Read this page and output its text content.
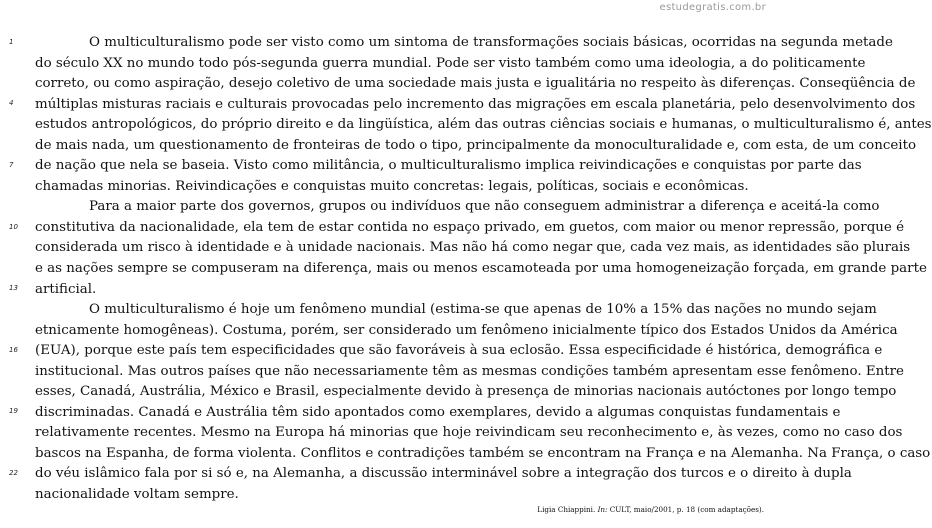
estudegratis.com.br
1
4
7
10
13
16
19
22
O multiculturalismo pode ser visto como um sintoma de transformações sociais básicas, ocorridas na segunda metade
do século XX no mundo todo pós-segunda guerra mundial. Pode ser visto também como uma ideologia, a do politicamente
correto, ou como aspiração, desejo coletivo de uma sociedade mais justa e igualitária no respeito às diferenças. Conseqüência de
múltiplas misturas raciais e culturais provocadas pelo incremento das migrações em escala planetária, pelo desenvolvimento dos
estudos antropológicos, do próprio direito e da lingüística, além das outras ciências sociais e humanas, o multiculturalismo é, antes
de mais nada, um questionamento de fronteiras de todo o tipo, principalmente da monoculturalidade e, com esta, de um conceito
de nação que nela se baseia. Visto como militância, o multiculturalismo implica reivindicações e conquistas por parte das
chamadas minorias. Reivindicações e conquistas muito concretas: legais, políticas, sociais e econômicas.
Para a maior parte dos governos, grupos ou indivíduos que não conseguem administrar a diferença e aceitá-la como
constitutiva da nacionalidade, ela tem de estar contida no espaço privado, em guetos, com maior ou menor repressão, porque é
considerada um risco à identidade e à unidade nacionais. Mas não há como negar que, cada vez mais, as identidades são plurais
e as nações sempre se compuseram na diferença, mais ou menos escamoteada por uma homogeneização forçada, em grande parte
artificial.
O multiculturalismo é hoje um fenômeno mundial (estima-se que apenas de 10% a 15% das nações no mundo sejam
etnicamente homogêneas). Costuma, porém, ser considerado um fenômeno inicialmente típico dos Estados Unidos da América
(EUA), porque este país tem especificidades que são favoráveis à sua eclosão. Essa especificidade é histórica, demográfica e
institucional. Mas outros países que não necessariamente têm as mesmas condições também apresentam esse fenômeno. Entre
esses, Canadá, Austrália, México e Brasil, especialmente devido à presença de minorias nacionais autóctones por longo tempo
discriminadas. Canadá e Austrália têm sido apontados como exemplares, devido a algumas conquistas fundamentais e
relativamente recentes. Mesmo na Europa há minorias que hoje reivindicam seu reconhecimento e, às vezes, como no caso dos
bascos na Espanha, de forma violenta. Conflitos e contradições também se encontram na França e na Alemanha. Na França, o caso
do véu islâmico fala por si só e, na Alemanha, a discussão interminável sobre a integração dos turcos e o direito à dupla
nacionalidade voltam sempre.
Ligia Chiappini. In: CULT, maio/2001, p. 18 (com adaptações).
